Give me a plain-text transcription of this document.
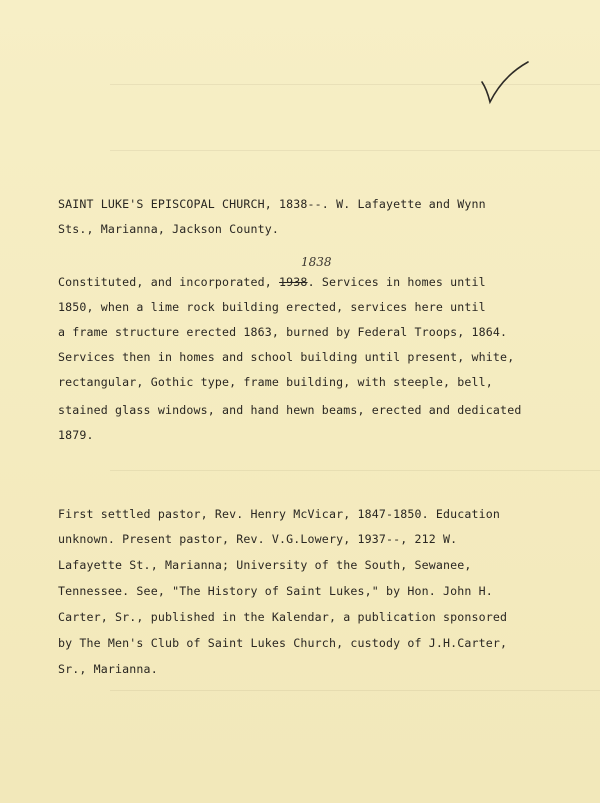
SAINT LUKE'S EPISCOPAL CHURCH, 1838--. W. Lafayette and Wynn
Sts., Marianna, Jackson County.
1838
Constituted, and incorporated, 1938. Services in homes until
1850, when a lime rock building erected, services here until
a frame structure erected 1863, burned by Federal Troops, 1864.
Services then in homes and school building until present, white,
rectangular, Gothic type, frame building, with steeple, bell,
stained glass windows, and hand hewn beams, erected and dedicated
1879.
First settled pastor, Rev. Henry McVicar, 1847-1850. Education
unknown. Present pastor, Rev. V.G.Lowery, 1937--, 212 W.
Lafayette St., Marianna; University of the South, Sewanee,
Tennessee. See, "The History of Saint Lukes," by Hon. John H.
Carter, Sr., published in the Kalendar, a publication sponsored
by The Men's Club of Saint Lukes Church, custody of J.H.Carter,
Sr., Marianna.
